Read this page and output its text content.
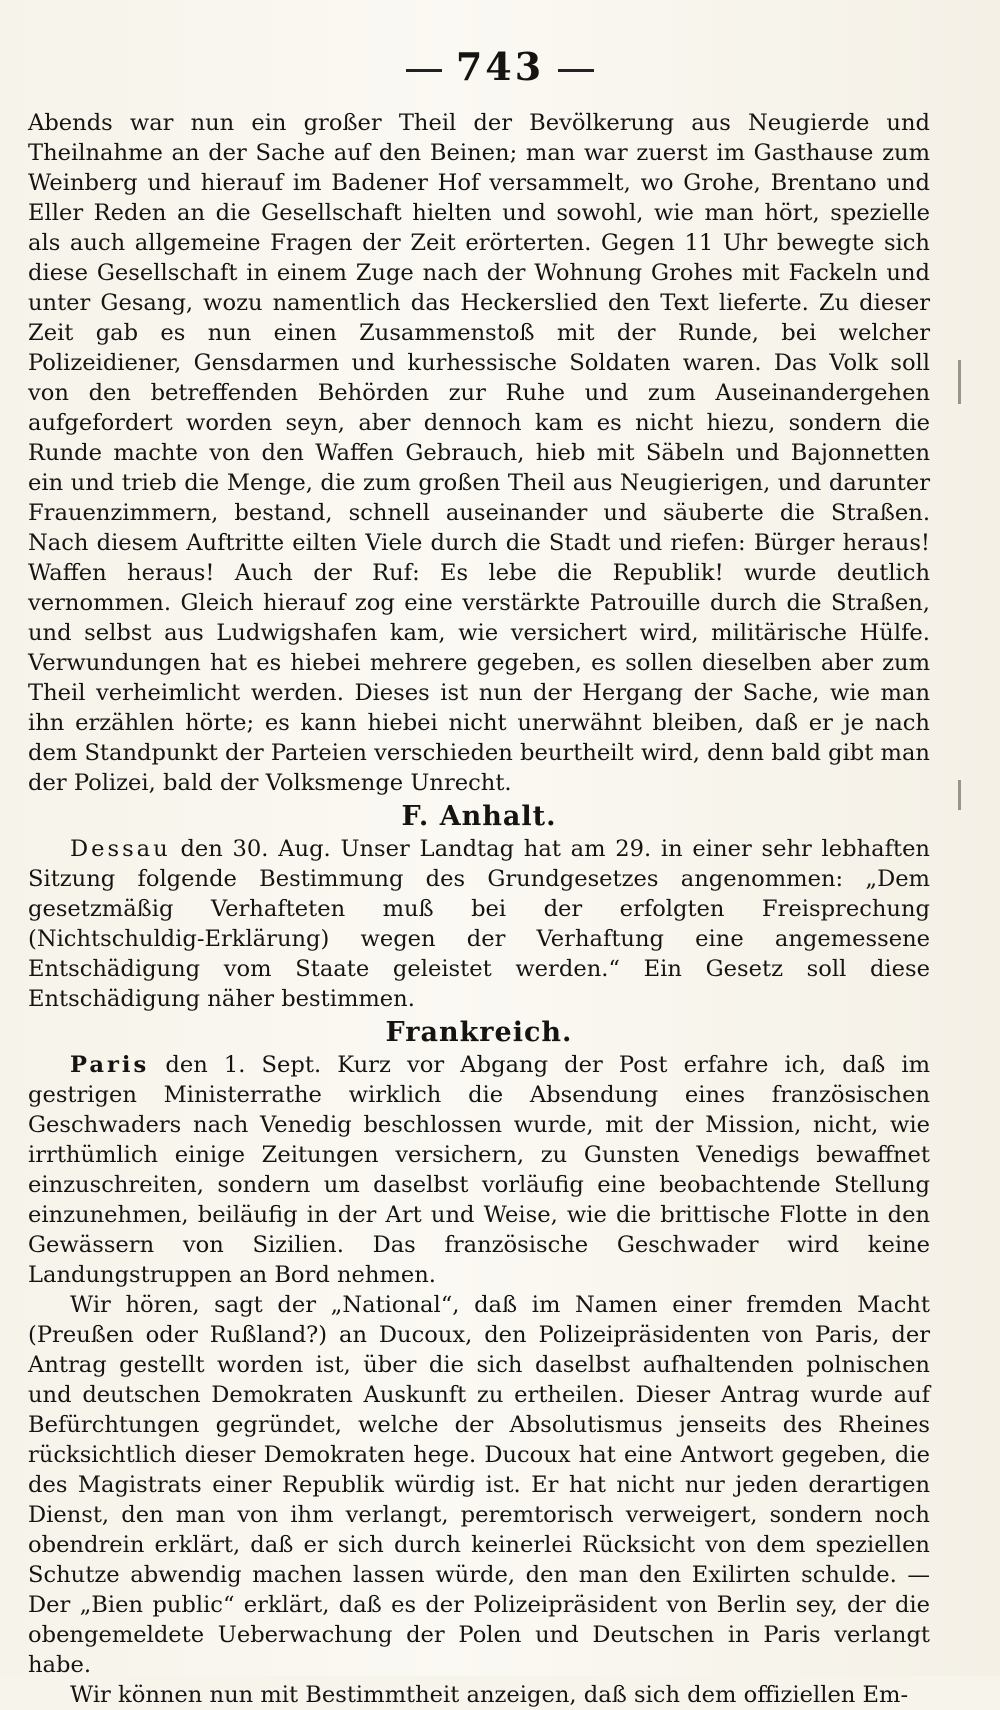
743

Abends war nun ein großer Theil der Bevölkerung aus Neugierde und Theilnahme an der Sache auf den Beinen; man war zuerst im Gasthause zum Weinberg und hierauf im Badener Hof versammelt, wo Grohe, Brentano und Eller Reden an die Gesellschaft hielten und sowohl, wie man hört, spezielle als auch allgemeine Fragen der Zeit erörterten. Gegen 11 Uhr bewegte sich diese Gesellschaft in einem Zuge nach der Wohnung Grohes mit Fackeln und unter Gesang, wozu namentlich das Heckerslied den Text lieferte. Zu dieser Zeit gab es nun einen Zusammenstoß mit der Runde, bei welcher Polizeidiener, Gensdarmen und kurhessische Soldaten waren. Das Volk soll von den betreffenden Behörden zur Ruhe und zum Auseinandergehen aufgefordert worden seyn, aber dennoch kam es nicht hiezu, sondern die Runde machte von den Waffen Gebrauch, hieb mit Säbeln und Bajonnetten ein und trieb die Menge, die zum großen Theil aus Neugierigen, und darunter Frauenzimmern, bestand, schnell auseinander und säuberte die Straßen. Nach diesem Auftritte eilten Viele durch die Stadt und riefen: Bürger heraus! Waffen heraus! Auch der Ruf: Es lebe die Republik! wurde deutlich vernommen. Gleich hierauf zog eine verstärkte Patrouille durch die Straßen, und selbst aus Ludwigshafen kam, wie versichert wird, militärische Hülfe. Verwundungen hat es hiebei mehrere gegeben, es sollen dieselben aber zum Theil verheimlicht werden. Dieses ist nun der Hergang der Sache, wie man ihn erzählen hörte; es kann hiebei nicht unerwähnt bleiben, daß er je nach dem Standpunkt der Parteien verschieden beurtheilt wird, denn bald gibt man der Polizei, bald der Volksmenge Unrecht.

F. Anhalt.

Dessau den 30. Aug. Unser Landtag hat am 29. in einer sehr lebhaften Sitzung folgende Bestimmung des Grundgesetzes angenommen: „Dem gesetzmäßig Verhafteten muß bei der erfolgten Freisprechung (Nichtschuldig-Erklärung) wegen der Verhaftung eine angemessene Entschädigung vom Staate geleistet werden.“ Ein Gesetz soll diese Entschädigung näher bestimmen.

Frankreich.

Paris den 1. Sept. Kurz vor Abgang der Post erfahre ich, daß im gestrigen Ministerrathe wirklich die Absendung eines französischen Geschwaders nach Venedig beschlossen wurde, mit der Mission, nicht, wie irrthümlich einige Zeitungen versichern, zu Gunsten Venedigs bewaffnet einzuschreiten, sondern um daselbst vorläufig eine beobachtende Stellung einzunehmen, beiläufig in der Art und Weise, wie die brittische Flotte in den Gewässern von Sizilien. Das französische Geschwader wird keine Landungstruppen an Bord nehmen.

Wir hören, sagt der „National“, daß im Namen einer fremden Macht (Preußen oder Rußland?) an Ducoux, den Polizeipräsidenten von Paris, der Antrag gestellt worden ist, über die sich daselbst aufhaltenden polnischen und deutschen Demokraten Auskunft zu ertheilen. Dieser Antrag wurde auf Befürchtungen gegründet, welche der Absolutismus jenseits des Rheines rücksichtlich dieser Demokraten hege. Ducoux hat eine Antwort gegeben, die des Magistrats einer Republik würdig ist. Er hat nicht nur jeden derartigen Dienst, den man von ihm verlangt, peremtorisch verweigert, sondern noch obendrein erklärt, daß er sich durch keinerlei Rücksicht von dem speziellen Schutze abwendig machen lassen würde, den man den Exilirten schulde. — Der „Bien public“ erklärt, daß es der Polizeipräsident von Berlin sey, der die obengemeldete Ueberwachung der Polen und Deutschen in Paris verlangt habe.

Wir können nun mit Bestimmtheit anzeigen, daß sich dem offiziellen Em-
